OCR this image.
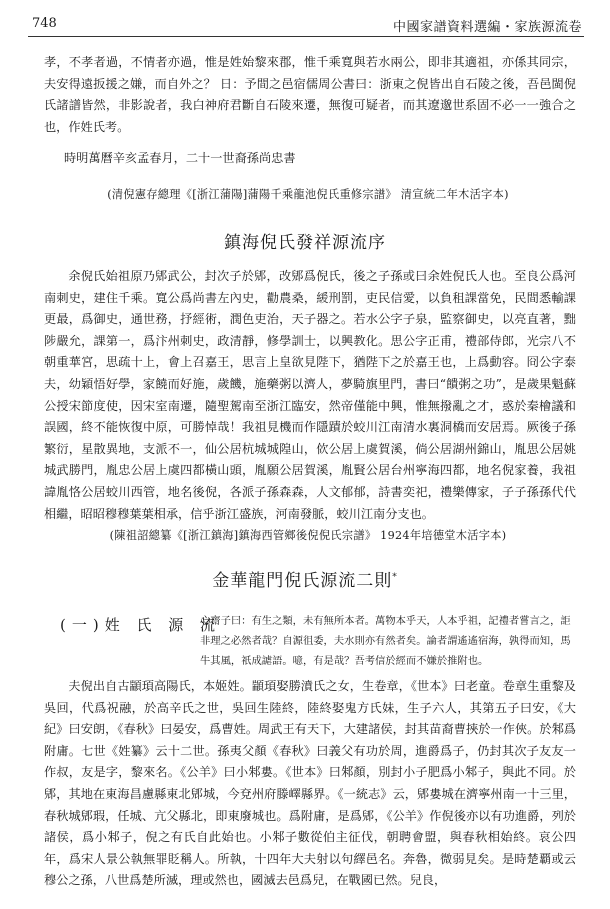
748	中國家譜資料選編・家族源流卷

孝，不孝者過，不情者亦過，惟是姓始黎來郡，惟千乘寬與若水兩公，即非其適祖，亦係其同宗，夫安得遠扳援之嫌，而自外之？ 日：予間之邑宿儒周公書曰：浙東之倪皆出自石陵之後，吾邑閩倪氏諸譜皆然，非影說者，我白神府君斷自石陵來遷，無復可疑者，而其遼邈世系固不必一一強合之也，作姓氏考。

時明萬曆辛亥孟春月，二十一世裔孫尚忠書
(清倪憲存總理《[浙江蒲陽]蒲陽千乘龍池倪氏重修宗譜》 清宣統二年木活字本)
鎮海倪氏發祥源流序

余倪氏始祖原乃郳武公，封次子於郳，改郳爲倪氏，後之子孫或曰余姓倪氏人也。至良公爲河南刺史，建住千乘。寬公爲尚書左內史，勸農桑，緩刑罰，吏民信愛，以負租課當免，民間悉輸課更最，爲御史，通世務，抒經術，潤色吏治，天子器之。若水公字子泉，監察御史，以亮直著，黜陟嚴允，課第一，爲汴州刺史，政清靜，修學訓士，以興教化。思公字正甫，禮部侍郎，光宗八不朝重華宮，思疏十上，會上召嘉王，思言上皇欲見陛下，猶陛下之於嘉王也，上爲動容。冏公字泰夫，幼穎悟好學，家饒而好施，歲饑，施藥粥以濟人，夢騎旗里門，書曰“饋粥之功”，是歲果魁蘇公授宋節度使，因宋室南遷，隨聖駕南至浙江臨安，然帝僅能中興，惟無撥亂之才，惑於秦檜議和誤國，終不能恢復中原，可勝悼哉！我祖見機而作隱蹟於蛟川江南清水裏洞橋而安居焉。厥後子孫繁衍，星散異地，支派不一，仙公居杭城城隍山，佽公居上虞賀溪，倘公居湖州錦山，胤思公居姚城武勝門，胤忠公居上虞四都橫山頭，胤願公居賀溪，胤賢公居台州寧海四都，地名倪家養，我祖諱胤恪公居蛟川西管，地名後倪，各派子孫森森，人文郁郁，詩書奕祀，禮樂傳家，子子孫孫代代相繼，昭昭穆穆葉葉相承，信乎浙江盛族，河南發脈，蛟川江南分支也。

(陳祖詔總纂《[浙江鎮海]鎮海西管鄉後倪倪氏宗譜》 1924年培德堂木活字本)
金華龍門倪氏源流二則*
(一)姓 氏 源 流

心齋子曰：有生之類，未有無所本者。萬物本乎天，人本乎祖，記禮者嘗言之，詎非理之必然者哉？自源徂委，夫水則亦有然者矣。論者謂遙遙宿海，孰得而知，馬牛其風，祇成謔語。噫，有是哉？吾考信於經而不嫌於推附也。

夫倪出自古顓頊高陽氏，本姬姓。顓頊娶勝濆氏之女，生卷章，《世本》曰老童。卷章生重黎及吳回，代爲祝融，於高辛氏之世，吳回生陸終，陸終娶鬼方氏妹，生子六人，其第五子曰安，《大紀》曰安朗，《春秋》曰晏安，爲曹姓。周武王有天下，大建諸侯，封其苗裔曹挾於一作俠。於邾爲附庸。七世《姓纂》云十二世。孫夷父顏《春秋》曰義父有功於周，進爵爲子，仍封其次子友友一作叔，友是字，黎來名。《公羊》曰小邾婁。《世本》曰邾顏，別封小子肥爲小邾子，與此不同。於郳，其地在東海昌慮縣東北郳城，今兗州府滕嶧縣界。《一統志》云，郳婁城在濟寧州南一十三里，春秋城郳瑕，任城、亢父縣北，即東廢城也。爲附庸，是爲郳，《公羊》作倪後亦以有功進爵，列於諸侯，爲小邾子，倪之有氏自此始也。小邾子數從伯主征伐，朝聘會盟，與春秋相始終。哀公四年，爲宋人景公執無罪貶稱人。所執，十四年大夫射以句繹邑名。奔魯，微弱見矣。是時楚覇或云穆公之孫，八世爲楚所滅，理或然也，國滅去邑爲兒，在戰國已然。兒良，
